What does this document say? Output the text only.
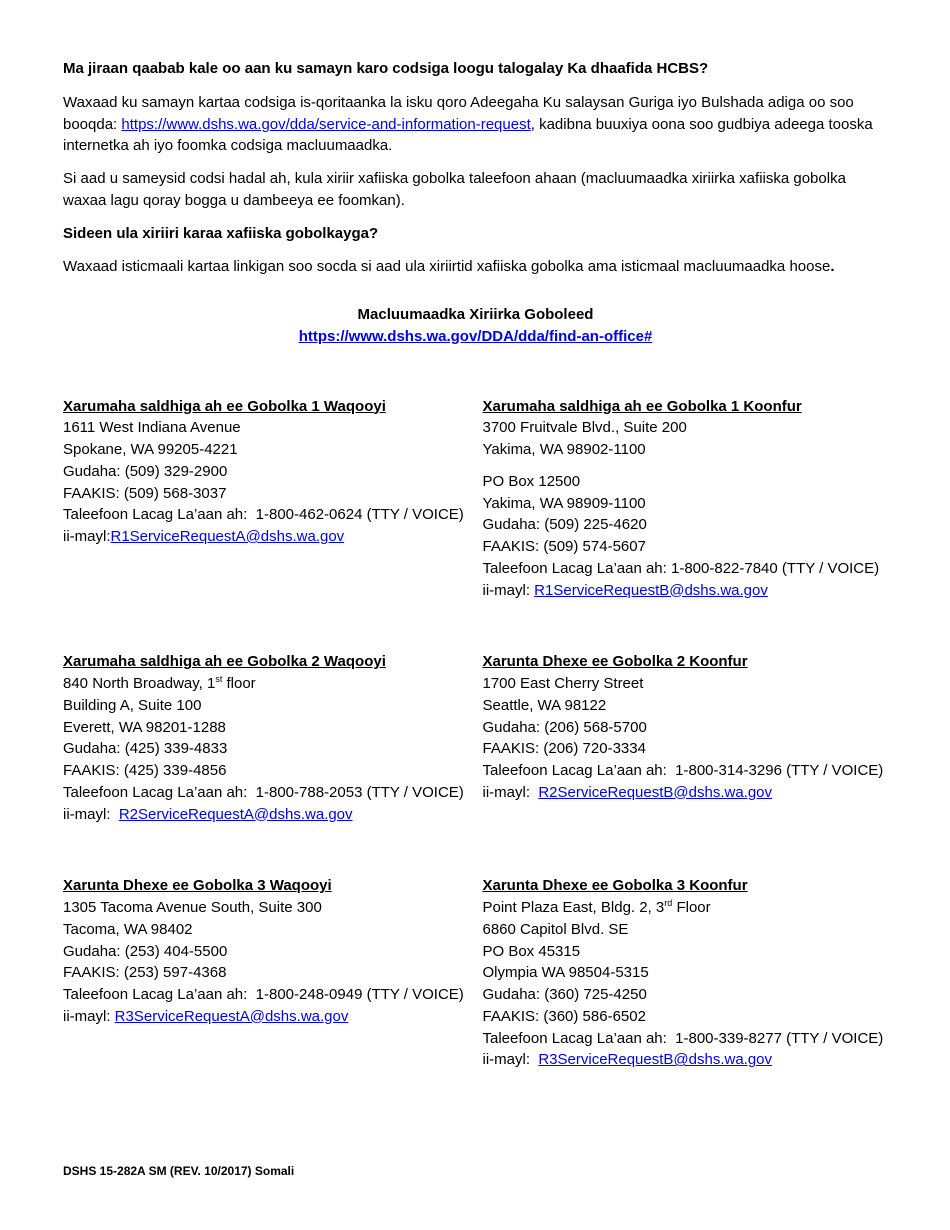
Ma jiraan qaabab kale oo aan ku samayn karo codsiga loogu talogalay Ka dhaafida HCBS?

Waxaad ku samayn kartaa codsiga is-qoritaanka la isku qoro Adeegaha Ku salaysan Guriga iyo Bulshada adiga oo soo booqda: https://www.dshs.wa.gov/dda/service-and-information-request, kadibna buuxiya oona soo gudbiya adeega tooska internetka ah iyo foomka codsiga macluumaadka.

Si aad u sameysid codsi hadal ah, kula xiriir xafiiska gobolka taleefoon ahaan (macluumaadka xiriirka xafiiska gobolka waxaa lagu qoray bogga u dambeeya ee foomkan).

Sideen ula xiriiri karaa xafiiska gobolkayga?

Waxaad isticmaali kartaa linkigan soo socda si aad ula xiriirtid xafiiska gobolka ama isticmaal macluumaadka hoose.

Macluumaadka Xiriirka Goboleed
https://www.dshs.wa.gov/DDA/dda/find-an-office#
Xarumaha saldhiga ah ee Gobolka 1 Waqooyi
1611 West Indiana Avenue
Spokane, WA 99205-4221
Gudaha: (509) 329-2900
FAAKIS: (509) 568-3037
Taleefoon Lacag La’aan ah:  1-800-462-0624 (TTY / VOICE)
ii-mayl:R1ServiceRequestA@dshs.wa.gov
Xarumaha saldhiga ah ee Gobolka 1 Koonfur
3700 Fruitvale Blvd., Suite 200
Yakima, WA 98902-1100
PO Box 12500
Yakima, WA 98909-1100
Gudaha: (509) 225-4620
FAAKIS: (509) 574-5607
Taleefoon Lacag La’aan ah: 1-800-822-7840 (TTY / VOICE)
ii-mayl: R1ServiceRequestB@dshs.wa.gov
Xarumaha saldhiga ah ee Gobolka 2 Waqooyi
840 North Broadway, 1st floor
Building A, Suite 100
Everett, WA 98201-1288
Gudaha: (425) 339-4833
FAAKIS: (425) 339-4856
Taleefoon Lacag La’aan ah:  1-800-788-2053 (TTY / VOICE)
ii-mayl:  R2ServiceRequestA@dshs.wa.gov
Xarunta Dhexe ee Gobolka 2 Koonfur
1700 East Cherry Street
Seattle, WA 98122
Gudaha: (206) 568-5700
FAAKIS: (206) 720-3334
Taleefoon Lacag La’aan ah:  1-800-314-3296 (TTY / VOICE)
ii-mayl:  R2ServiceRequestB@dshs.wa.gov
Xarunta Dhexe ee Gobolka 3 Waqooyi
1305 Tacoma Avenue South, Suite 300
Tacoma, WA 98402
Gudaha: (253) 404-5500
FAAKIS: (253) 597-4368
Taleefoon Lacag La’aan ah:  1-800-248-0949 (TTY / VOICE)
ii-mayl: R3ServiceRequestA@dshs.wa.gov
Xarunta Dhexe ee Gobolka 3 Koonfur
Point Plaza East, Bldg. 2, 3rd Floor
6860 Capitol Blvd. SE
PO Box 45315
Olympia WA 98504-5315
Gudaha: (360) 725-4250
FAAKIS: (360) 586-6502
Taleefoon Lacag La’aan ah:  1-800-339-8277 (TTY / VOICE)
ii-mayl:  R3ServiceRequestB@dshs.wa.gov
DSHS 15-282A SM (REV. 10/2017) Somali
